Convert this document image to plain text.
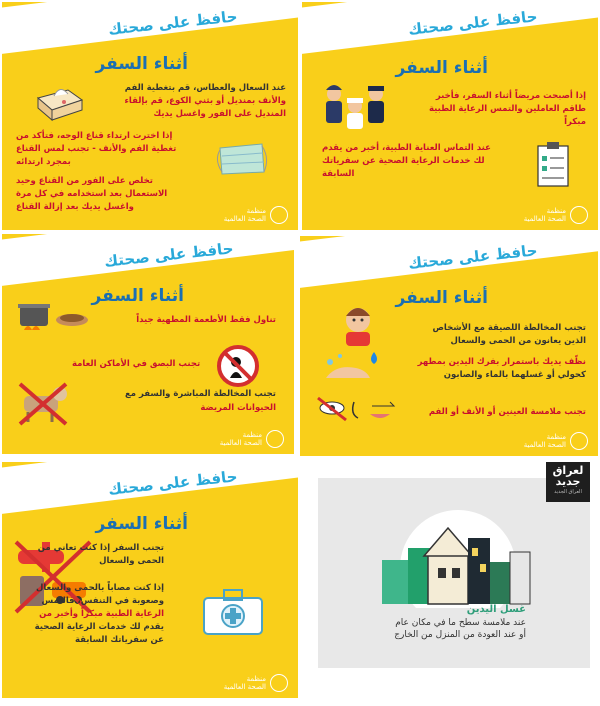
حافظ على صحتك
أثناء السفر
عند السعال والعطاس، قم بتغطية الفم
والأنف بمنديل أو بثني الكوع، قم بإلقاء
المنديل على الفور واغسل يديك
إذا اخترت ارتداء قناع الوجه، فتأكد من
تغطية الفم والأنف - تجنب لمس القناع
بمجرد ارتدائه
تخلص على الفور من القناع وحيد
الاستعمال بعد استخدامه في كل مرة
واغسل يديك بعد إزالة القناع	منظمة
الصحة العالمية
حافظ على صحتك
أثناء السفر
إذا أصبحت مريضاً أثناء السفر، فأخبر
طاقم العاملين والتمس الرعاية الطبية
مبكراً
عند التماس العناية الطبية، أخبر من يقدم
لك خدمات الرعاية الصحية عن سفرياتك
السابقة
منظمة
الصحة العالمية
حافظ على صحتك
أثناء السفر
تناول فقط الأطعمة المطهية جيداً
تجنب البصق في الأماكن العامة
تجنب المخالطة المباشرة والسفر مع
الحيوانات المريضة
منظمة
الصحة العالمية
حافظ على صحتك
أثناء السفر
تجنب المخالطة اللصيقة مع الأشخاص
الذين يعانون من الحمى والسعال
نظّف يديك باستمرار بفرك اليدين بمطهر
كحولي أو غسلهما بالماء والصابون
تجنب ملامسة العينين أو الأنف أو الفم
منظمة
الصحة العالمية
حافظ على صحتك
أثناء السفر
تجنب السفر إذا كنت تعاني من
الحمى والسعال
إذا كنت مصاباً بالحمى والسعال
وصعوبة في التنفس، فالتمس
الرعاية الطبية مبكراً وأخبر من
يقدم لك خدمات الرعاية الصحية
عن سفرياتك السابقة
منظمة
الصحة العالمية
غسل اليدين
عند ملامسة سطح ما في مكان عام
أو عند العودة من المنزل من الخارج
لعراق
جديد
العراق الجديد
